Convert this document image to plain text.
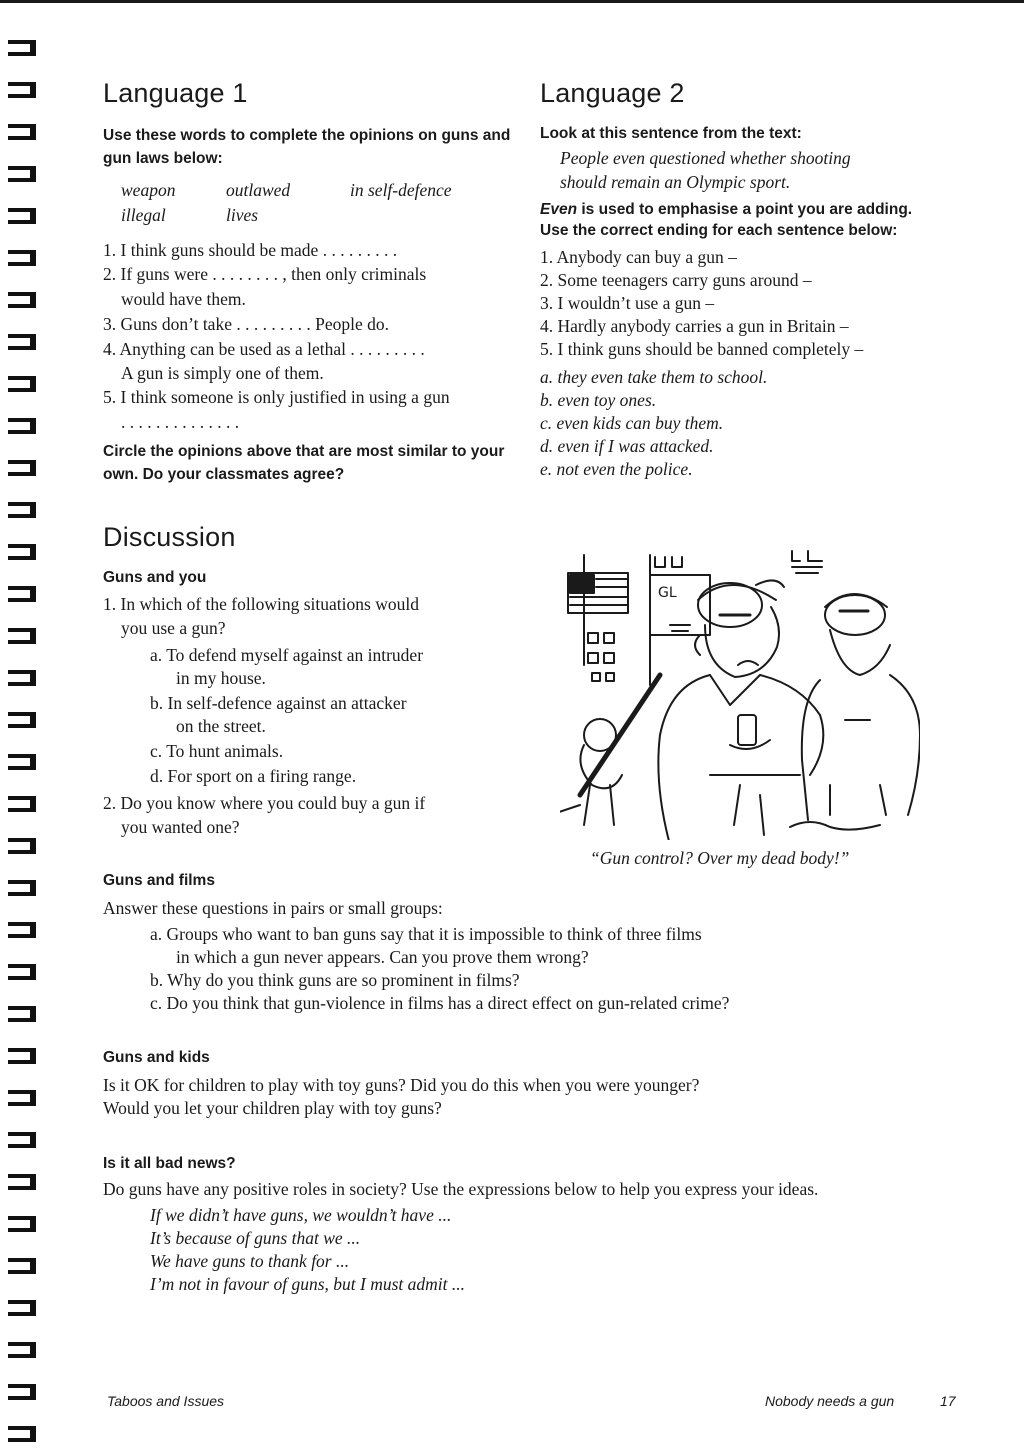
Language 1
Use these words to complete the opinions on guns and gun laws below:
weapon	outlawed	in self-defence
illegal	lives
1. I think guns should be made . . . . . . . . .
2. If guns were . . . . . . . . , then only criminals
would have them.
3. Guns don’t take . . . . . . . . . People do.
4. Anything can be used as a lethal . . . . . . . . .
A gun is simply one of them.
5. I think someone is only justified in using a gun
. . . . . . . . . . . . . .
Circle the opinions above that are most similar to your own. Do your classmates agree?
Language 2
Look at this sentence from the text:
People even questioned whether shooting
should remain an Olympic sport.
Even is used to emphasise a point you are adding.
Use the correct ending for each sentence below:
1. Anybody can buy a gun –
2. Some teenagers carry guns around –
3. I wouldn’t use a gun –
4. Hardly anybody carries a gun in Britain –
5. I think guns should be banned completely –
a. they even take them to school.
b. even toy ones.
c. even kids can buy them.
d. even if I was attacked.
e. not even the police.
Discussion
Guns and you
1. In which of the following situations would
you use a gun?
a. To defend myself against an intruder
in my house.
b. In self-defence against an attacker
on the street.
c. To hunt animals.
d. For sport on a firing range.
2. Do you know where you could buy a gun if
you wanted one?
GL
“Gun control? Over my dead body!”
Guns and films
Answer these questions in pairs or small groups:
a. Groups who want to ban guns say that it is impossible to think of three films
in which a gun never appears. Can you prove them wrong?
b. Why do you think guns are so prominent in films?
c. Do you think that gun-violence in films has a direct effect on gun-related crime?
Guns and kids
Is it OK for children to play with toy guns? Did you do this when you were younger?
Would you let your children play with toy guns?
Is it all bad news?
Do guns have any positive roles in society? Use the expressions below to help you express your ideas.
If we didn’t have guns, we wouldn’t have ...
It’s because of guns that we ...
We have guns to thank for ...
I’m not in favour of guns, but I must admit ...
Taboos and Issues	Nobody needs a gun	17
